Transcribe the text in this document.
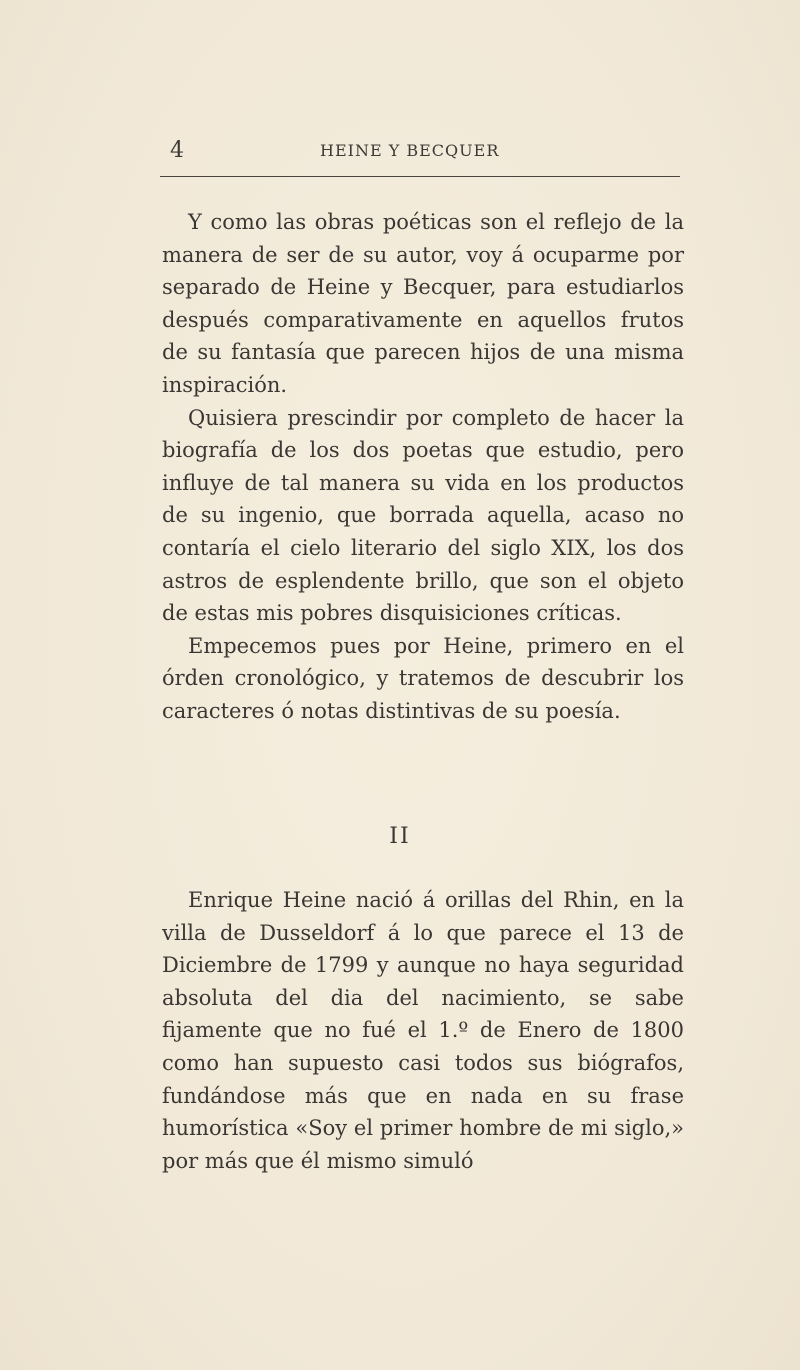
4	HEINE Y BECQUER

Y como las obras poéticas son el reflejo de la manera de ser de su autor, voy á ocuparme por separado de Heine y Becquer, para estudiarlos después comparativamente en aquellos frutos de su fantasía que parecen hijos de una misma inspiración.

Quisiera prescindir por completo de hacer la biografía de los dos poetas que estudio, pero influye de tal manera su vida en los productos de su ingenio, que borrada aquella, acaso no contaría el cielo literario del siglo XIX, los dos astros de esplendente brillo, que son el objeto de estas mis pobres disquisiciones críticas.

Empecemos pues por Heine, primero en el órden cronológico, y tratemos de descubrir los caracteres ó notas distintivas de su poesía.

II

Enrique Heine nació á orillas del Rhin, en la villa de Dusseldorf á lo que parece el 13 de Diciembre de 1799 y aunque no haya seguridad absoluta del dia del nacimiento, se sabe fijamente que no fué el 1.º de Enero de 1800 como han supuesto casi todos sus biógrafos, fundándose más que en nada en su frase humorística «Soy el primer hombre de mi siglo,» por más que él mismo simuló
